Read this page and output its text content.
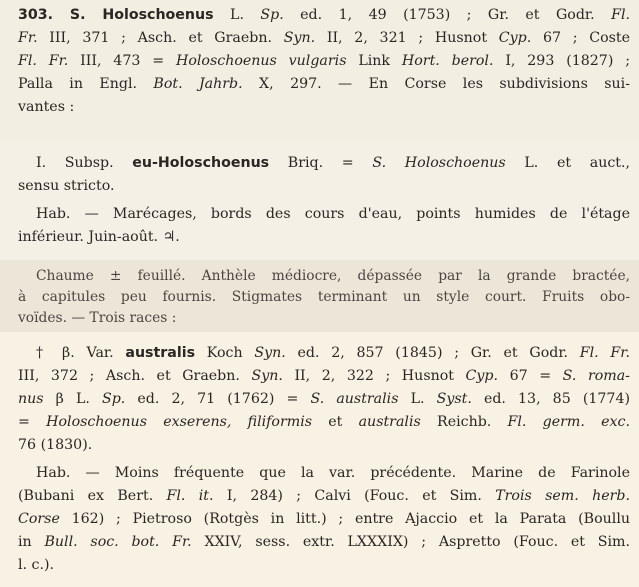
303. S. Holoschoenus L. Sp. ed. 1, 49 (1753) ; Gr. et Godr. Fl.
Fr. III, 371 ; Asch. et Graebn. Syn. II, 2, 321 ; Husnot Cyp. 67 ; Coste
Fl. Fr. III, 473 = Holoschoenus vulgaris Link Hort. berol. I, 293 (1827) ;
Palla in Engl. Bot. Jahrb. X, 297. — En Corse les subdivisions sui-
vantes :
I. Subsp. eu-Holoschoenus Briq. = S. Holoschoenus L. et auct.,
sensu stricto.
Hab. — Marécages, bords des cours d'eau, points humides de l'étage
inférieur. Juin-août. ♃.
Chaume ± feuillé. Anthèle médiocre, dépassée par la grande bractée,
à capitules peu fournis. Stigmates terminant un style court. Fruits obo-
voïdes. — Trois races :
† β. Var. australis Koch Syn. ed. 2, 857 (1845) ; Gr. et Godr. Fl. Fr.
III, 372 ; Asch. et Graebn. Syn. II, 2, 322 ; Husnot Cyp. 67 = S. roma-
nus β L. Sp. ed. 2, 71 (1762) = S. australis L. Syst. ed. 13, 85 (1774)
= Holoschoenus exserens, filiformis et australis Reichb. Fl. germ. exc.
76 (1830).
Hab. — Moins fréquente que la var. précédente. Marine de Farinole
(Bubani ex Bert. Fl. it. I, 284) ; Calvi (Fouc. et Sim. Trois sem. herb.
Corse 162) ; Pietroso (Rotgès in litt.) ; entre Ajaccio et la Parata (Boullu
in Bull. soc. bot. Fr. XXIV, sess. extr. LXXXIX) ; Aspretto (Fouc. et Sim.
l. c.).
